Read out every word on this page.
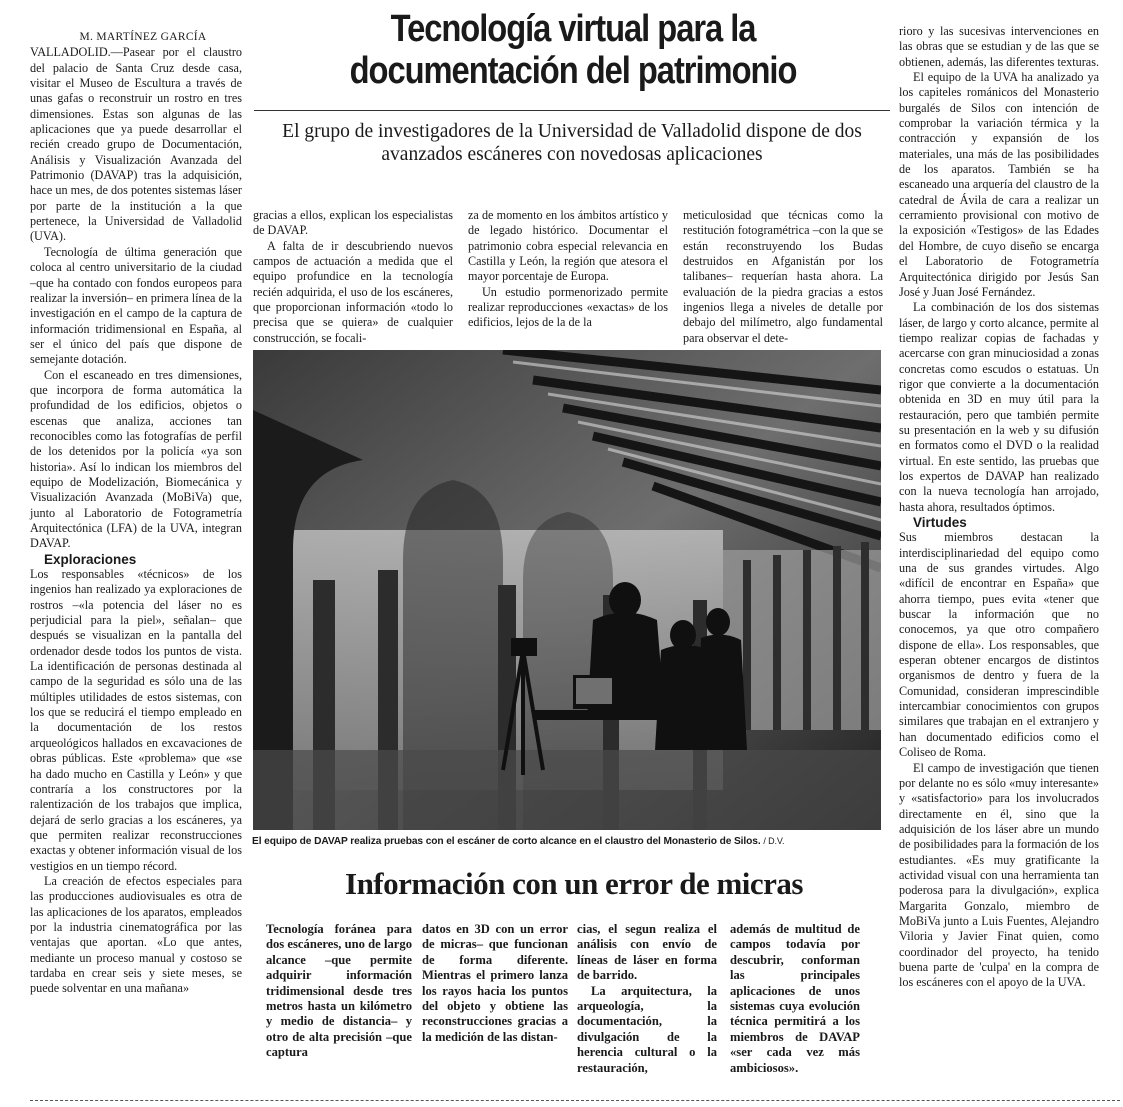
Tecnología virtual para la documentación del patrimonio
El grupo de investigadores de la Universidad de Valladolid dispone de dos avanzados escáneres con novedosas aplicaciones

M. MARTÍNEZ GARCÍA

VALLADOLID.—Pasear por el claustro del palacio de Santa Cruz desde casa, visitar el Museo de Escultura a través de unas gafas o reconstruir un rostro en tres dimensiones. Estas son algunas de las aplicaciones que ya puede desarrollar el recién creado grupo de Documentación, Análisis y Visualización Avanzada del Patrimonio (DAVAP) tras la adquisición, hace un mes, de dos potentes sistemas láser por parte de la institución a la que pertenece, la Universidad de Valladolid (UVA).

Tecnología de última generación que coloca al centro universitario de la ciudad –que ha contado con fondos europeos para realizar la inversión– en primera línea de la investigación en el campo de la captura de información tridimensional en España, al ser el único del país que dispone de semejante dotación.

Con el escaneado en tres dimensiones, que incorpora de forma automática la profundidad de los edificios, objetos o escenas que analiza, acciones tan reconocibles como las fotografías de perfil de los detenidos por la policía «ya son historia». Así lo indican los miembros del equipo de Modelización, Biomecánica y Visualización Avanzada (MoBiVa) que, junto al Laboratorio de Fotogrametría Arquitectónica (LFA) de la UVA, integran DAVAP.

Exploraciones

Los responsables «técnicos» de los ingenios han realizado ya exploraciones de rostros –«la potencia del láser no es perjudicial para la piel», señalan– que después se visualizan en la pantalla del ordenador desde todos los puntos de vista. La identificación de personas destinada al campo de la seguridad es sólo una de las múltiples utilidades de estos sistemas, con los que se reducirá el tiempo empleado en la documentación de los restos arqueológicos hallados en excavaciones de obras públicas. Este «problema» que «se ha dado mucho en Castilla y León» y que contraría a los constructores por la ralentización de los trabajos que implica, dejará de serlo gracias a los escáneres, ya que permiten realizar reconstrucciones exactas y obtener información visual de los vestigios en un tiempo récord.

La creación de efectos especiales para las producciones audiovisuales es otra de las aplicaciones de los aparatos, empleados por la industria cinematográfica por las ventajas que aportan. «Lo que antes, mediante un proceso manual y costoso se tardaba en crear seis y siete meses, se puede solventar en una mañana»

gracias a ellos, explican los especialistas de DAVAP.

A falta de ir descubriendo nuevos campos de actuación a medida que el equipo profundice en la tecnología recién adquirida, el uso de los escáneres, que proporcionan información «todo lo precisa que se quiera» de cualquier construcción, se focali-

za de momento en los ámbitos artístico y de legado histórico. Documentar el patrimonio cobra especial relevancia en Castilla y León, la región que atesora el mayor porcentaje de Europa.

Un estudio pormenorizado permite realizar reproducciones «exactas» de los edificios, lejos de la de la

meticulosidad que técnicas como la restitución fotogramétrica –con la que se están reconstruyendo los Budas destruidos en Afganistán por los talibanes– requerían hasta ahora. La evaluación de la piedra gracias a estos ingenios llega a niveles de detalle por debajo del milímetro, algo fundamental para observar el dete-

El equipo de DAVAP realiza pruebas con el escáner de corto alcance en el claustro del Monasterio de Silos. / D.V.
Información con un error de micras

Tecnología foránea para dos escáneres, uno de largo alcance –que permite adquirir información tridimensional desde tres metros hasta un kilómetro y medio de distancia– y otro de alta precisión –que captura

datos en 3D con un error de micras– que funcionan de forma diferente. Mientras el primero lanza los rayos hacia los puntos del objeto y obtiene las reconstrucciones gracias a la medición de las distan-

cias, el segun realiza el análisis con envío de líneas de láser en forma de barrido.

La arquitectura, la arqueología, la documentación, la divulgación de la herencia cultural o la restauración,

además de multitud de campos todavía por descubrir, conforman las principales aplicaciones de unos sistemas cuya evolución técnica permitirá a los miembros de DAVAP «ser cada vez más ambiciosos».

rioro y las sucesivas intervenciones en las obras que se estudian y de las que se obtienen, además, las diferentes texturas.

El equipo de la UVA ha analizado ya los capiteles románicos del Monasterio burgalés de Silos con intención de comprobar la variación térmica y la contracción y expansión de los materiales, una más de las posibilidades de los aparatos. También se ha escaneado una arquería del claustro de la catedral de Ávila de cara a realizar un cerramiento provisional con motivo de la exposición «Testigos» de las Edades del Hombre, de cuyo diseño se encarga el Laboratorio de Fotogrametría Arquitectónica dirigido por Jesús San José y Juan José Fernández.

La combinación de los dos sistemas láser, de largo y corto alcance, permite al tiempo realizar copias de fachadas y acercarse con gran minuciosidad a zonas concretas como escudos o estatuas. Un rigor que convierte a la documentación obtenida en 3D en muy útil para la restauración, pero que también permite su presentación en la web y su difusión en formatos como el DVD o la realidad virtual. En este sentido, las pruebas que los expertos de DAVAP han realizado con la nueva tecnología han arrojado, hasta ahora, resultados óptimos.

Virtudes

Sus miembros destacan la interdisciplinariedad del equipo como una de sus grandes virtudes. Algo «difícil de encontrar en España» que ahorra tiempo, pues evita «tener que buscar la información que no conocemos, ya que otro compañero dispone de ella». Los responsables, que esperan obtener encargos de distintos organismos de dentro y fuera de la Comunidad, consideran imprescindible intercambiar conocimientos con grupos similares que trabajan en el extranjero y han documentado edificios como el Coliseo de Roma.

El campo de investigación que tienen por delante no es sólo «muy interesante» y «satisfactorio» para los involucrados directamente en él, sino que la adquisición de los láser abre un mundo de posibilidades para la formación de los estudiantes. «Es muy gratificante la actividad visual con una herramienta tan poderosa para la divulgación», explica Margarita Gonzalo, miembro de MoBiVa junto a Luis Fuentes, Alejandro Viloria y Javier Finat quien, como coordinador del proyecto, ha tenido buena parte de 'culpa' en la compra de los escáneres con el apoyo de la UVA.
